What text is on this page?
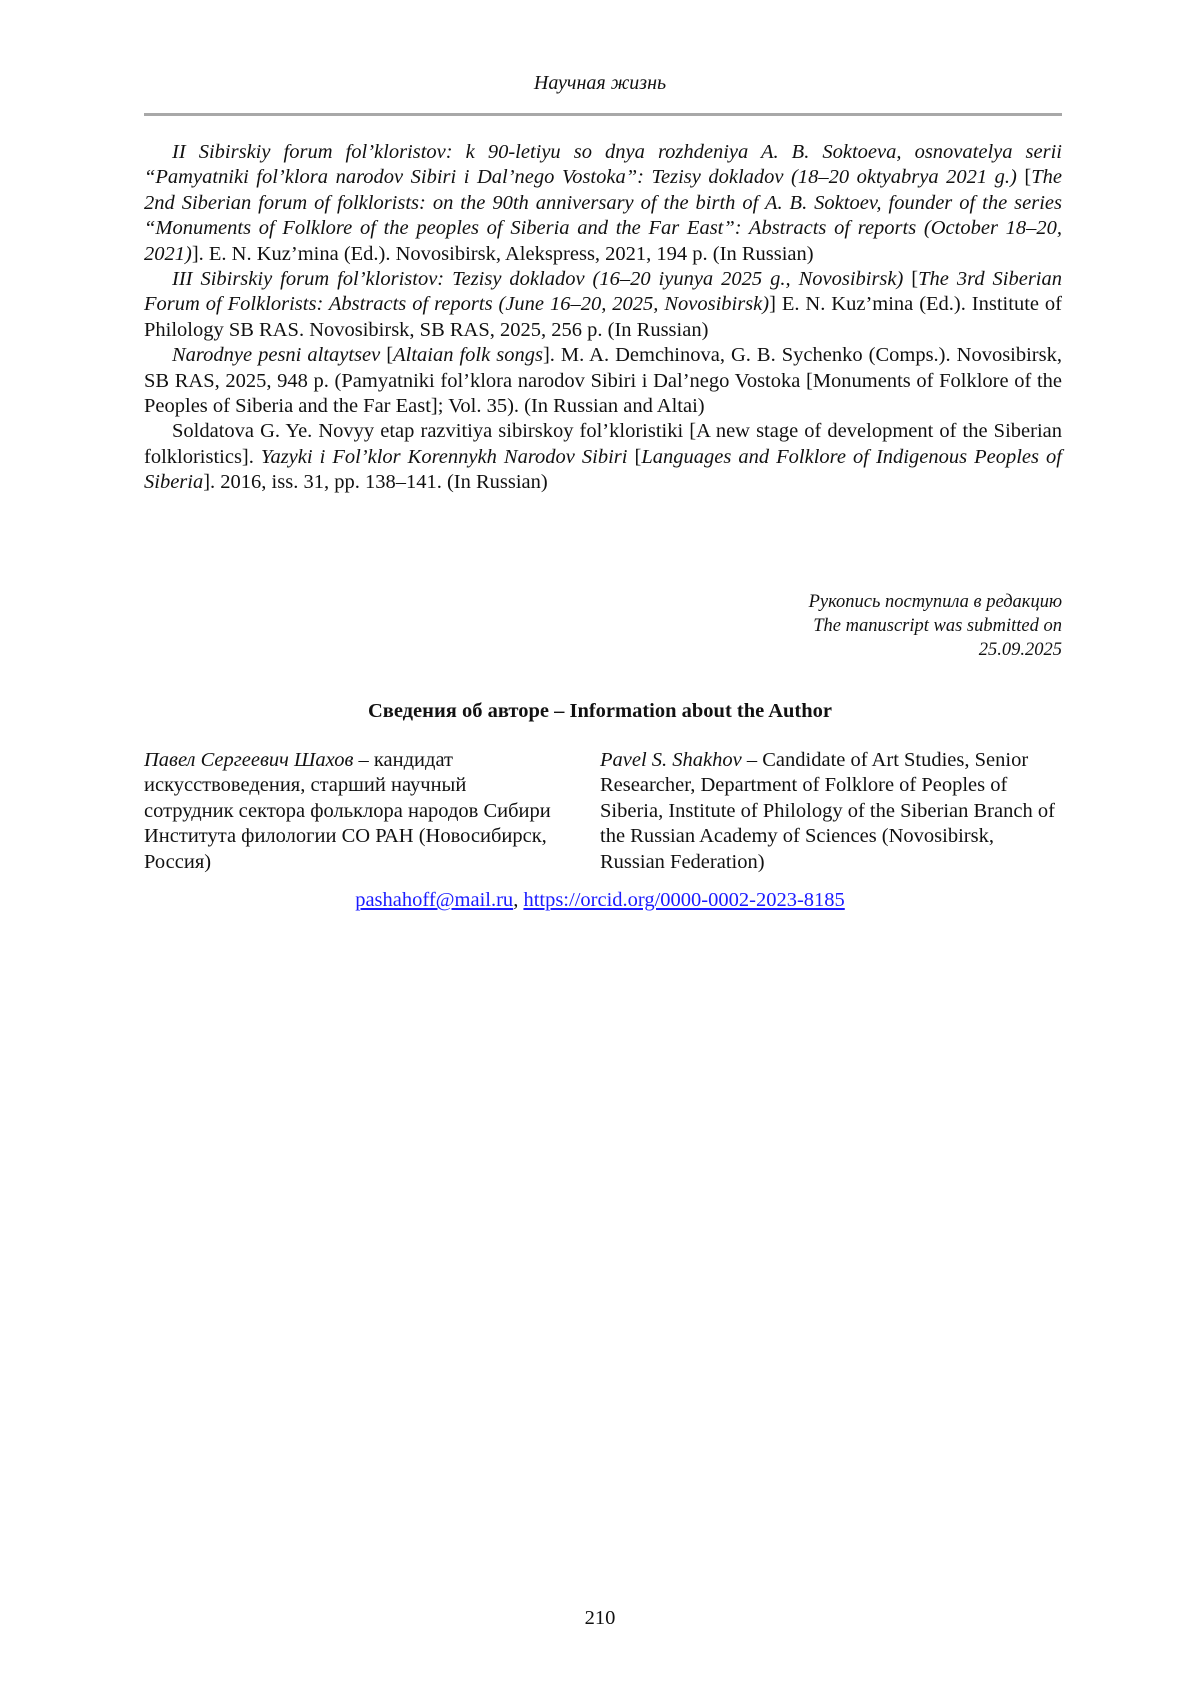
Научная жизнь

II Sibirskiy forum fol’kloristov: k 90-letiyu so dnya rozhdeniya A. B. Soktoeva, osnovatelya serii “Pamyatniki fol’klora narodov Sibiri i Dal’nego Vostoka”: Tezisy dokladov (18–20 oktyabrya 2021 g.) [The 2nd Siberian forum of folklorists: on the 90th anniversary of the birth of A. B. Soktoev, founder of the series “Monuments of Folklore of the peoples of Siberia and the Far East”: Abstracts of reports (October 18–20, 2021)]. E. N. Kuz’mina (Ed.). Novosibirsk, Alekspress, 2021, 194 p. (In Russian)

III Sibirskiy forum fol’kloristov: Tezisy dokladov (16–20 iyunya 2025 g., Novosibirsk) [The 3rd Siberian Forum of Folklorists: Abstracts of reports (June 16–20, 2025, Novosibirsk)] E. N. Kuz’mina (Ed.). Institute of Philology SB RAS. Novosibirsk, SB RAS, 2025, 256 p. (In Russian)

Narodnye pesni altaytsev [Altaian folk songs]. M. A. Demchinova, G. B. Sychenko (Comps.). Novosibirsk, SB RAS, 2025, 948 p. (Pamyatniki fol’klora narodov Sibiri i Dal’nego Vostoka [Monuments of Folklore of the Peoples of Siberia and the Far East]; Vol. 35). (In Russian and Altai)

Soldatova G. Ye. Novyy etap razvitiya sibirskoy fol’kloristiki [A new stage of development of the Siberian folkloristics]. Yazyki i Fol’klor Korennykh Narodov Sibiri [Languages and Folklore of Indigenous Peoples of Siberia]. 2016, iss. 31, pp. 138–141. (In Russian)

Рукопись поступила в редакцию
The manuscript was submitted on
25.09.2025
Сведения об авторе – Information about the Author
Павел Сергеевич Шахов – кандидат искусствоведения, старший научный сотрудник сектора фольклора народов Сибири Института филологии СО РАН (Новосибирск, Россия)
Pavel S. Shakhov – Candidate of Art Studies, Senior Researcher, Department of Folklore of Peoples of Siberia, Institute of Philology of the Siberian Branch of the Russian Academy of Sciences (Novosibirsk, Russian Federation)
pashahoff@mail.ru, https://orcid.org/0000-0002-2023-8185
210
